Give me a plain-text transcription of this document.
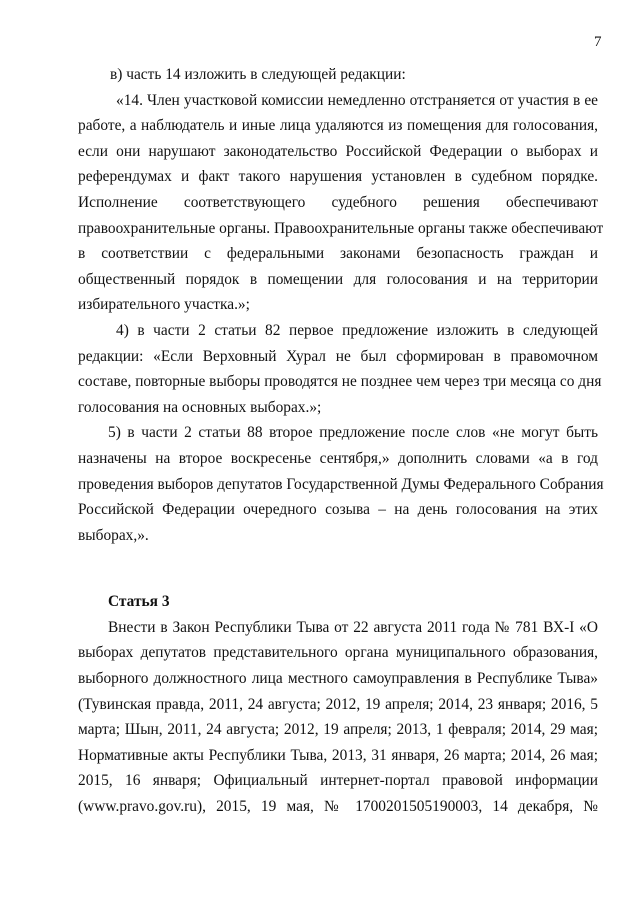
7
в) часть 14 изложить в следующей редакции:
«14. Член участковой комиссии немедленно отстраняется от участия в ее
работе, а наблюдатель и иные лица удаляются из помещения для голосования,
если они нарушают законодательство Российской Федерации о выборах и
референдумах и факт такого нарушения установлен в судебном порядке.
Исполнение соответствующего судебного решения обеспечивают
правоохранительные органы. Правоохранительные органы также обеспечивают
в соответствии с федеральными законами безопасность граждан и
общественный порядок в помещении для голосования и на территории
избирательного участка.»;
4) в части 2 статьи 82 первое предложение изложить в следующей
редакции: «Если Верховный Хурал не был сформирован в правомочном
составе, повторные выборы проводятся не позднее чем через три месяца со дня
голосования на основных выборах.»;
5) в части 2 статьи 88 второе предложение после слов «не могут быть
назначены на второе воскресенье сентября,» дополнить словами «а в год
проведения выборов депутатов Государственной Думы Федерального Собрания
Российской Федерации очередного созыва – на день голосования на этих
выборах,».
Статья 3
Внести в Закон Республики Тыва от 22 августа 2011 года № 781 ВХ-I «О
выборах депутатов представительного органа муниципального образования,
выборного должностного лица местного самоуправления в Республике Тыва»
(Тувинская правда, 2011, 24 августа; 2012, 19 апреля; 2014, 23 января; 2016, 5
марта; Шын, 2011, 24 августа; 2012, 19 апреля; 2013, 1 февраля; 2014, 29 мая;
Нормативные акты Республики Тыва, 2013, 31 января, 26 марта; 2014, 26 мая;
2015, 16 января; Официальный интернет-портал правовой информации
(www.pravo.gov.ru), 2015, 19 мая, № 1700201505190003, 14 декабря, №
